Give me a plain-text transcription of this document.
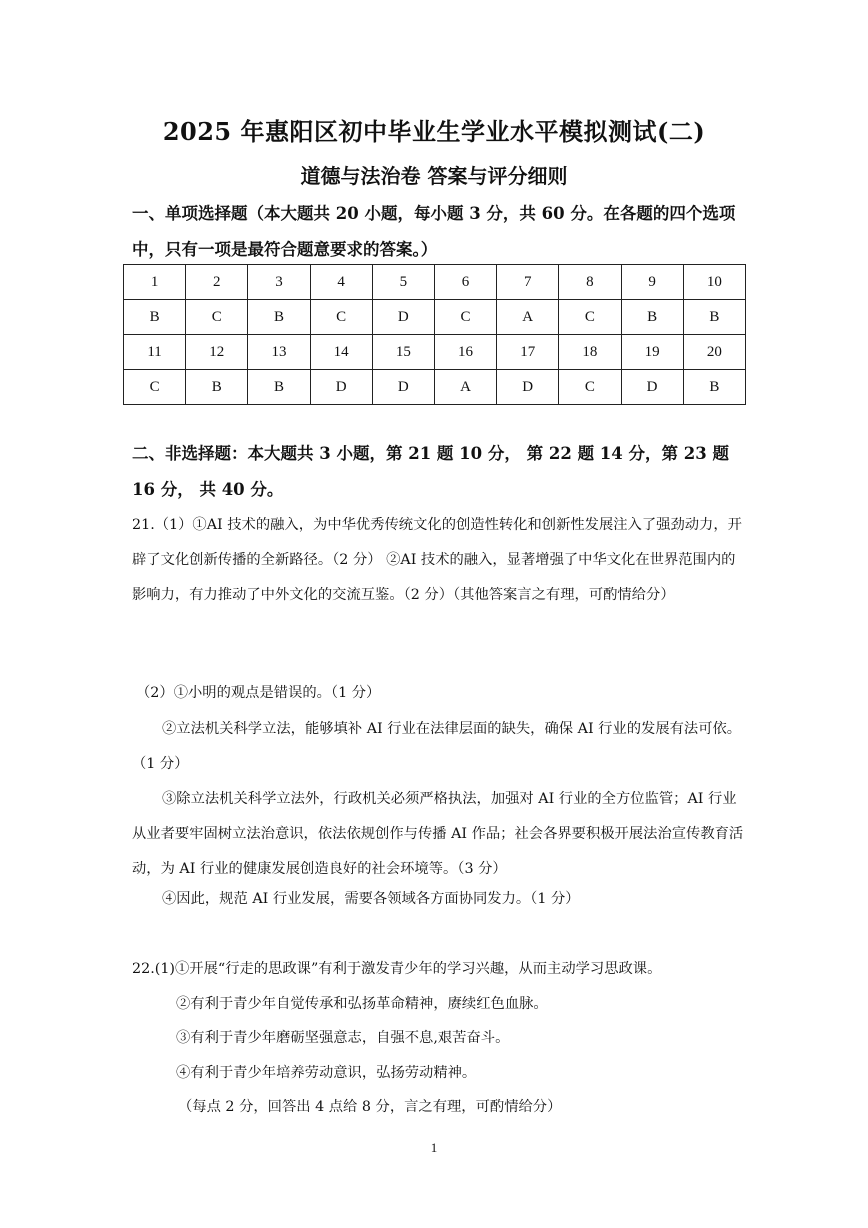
2025 年惠阳区初中毕业生学业水平模拟测试(二)
道德与法治卷 答案与评分细则
一、单项选择题（本大题共 20 小题，每小题 3 分，共 60 分。在各题的四个选项中，只有一项是最符合题意要求的答案。）
1	2	3	4	5	6	7	8	9	10
B	C	B	C	D	C	A	C	B	B
11	12	13	14	15	16	17	18	19	20
C	B	B	D	D	A	D	C	D	B
二、非选择题：本大题共 3 小题，第 21 题 10 分， 第 22 题 14 分，第 23 题 16 分， 共 40 分。
21.（1）①AI 技术的融入，为中华优秀传统文化的创造性转化和创新性发展注入了强劲动力，开辟了文化创新传播的全新路径。（2 分） ②AI 技术的融入，显著增强了中华文化在世界范围内的影响力，有力推动了中外文化的交流互鉴。（2 分）（其他答案言之有理，可酌情给分）
（2）①小明的观点是错误的。（1 分）
②立法机关科学立法，能够填补 AI 行业在法律层面的缺失，确保 AI 行业的发展有法可依。（1 分）
③除立法机关科学立法外，行政机关必须严格执法，加强对 AI 行业的全方位监管；AI 行业从业者要牢固树立法治意识，依法依规创作与传播 AI 作品；社会各界要积极开展法治宣传教育活动，为 AI 行业的健康发展创造良好的社会环境等。（3 分）
④因此，规范 AI 行业发展，需要各领域各方面协同发力。（1 分）
22.(1)①开展“行走的思政课”有利于激发青少年的学习兴趣，从而主动学习思政课。
②有利于青少年自觉传承和弘扬革命精神，赓续红色血脉。
③有利于青少年磨砺坚强意志，自强不息,艰苦奋斗。
④有利于青少年培养劳动意识，弘扬劳动精神。
（每点 2 分，回答出 4 点给 8 分，言之有理，可酌情给分）
1
